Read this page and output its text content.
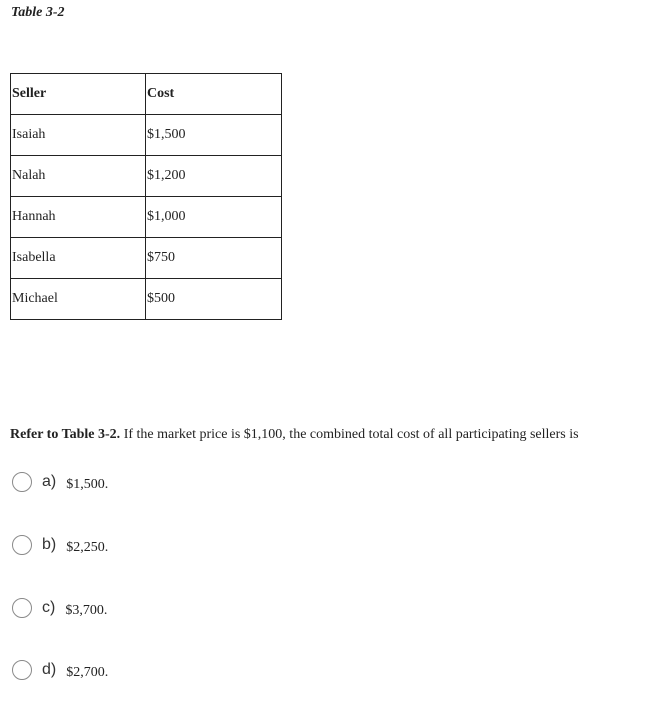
Table 3-2
Seller	Cost
Isaiah	$1,500
Nalah	$1,200
Hannah	$1,000
Isabella	$750
Michael	$500
Refer to Table 3-2. If the market price is $1,100, the combined total cost of all participating sellers is
a) $1,500.
b) $2,250.
c) $3,700.
d) $2,700.
